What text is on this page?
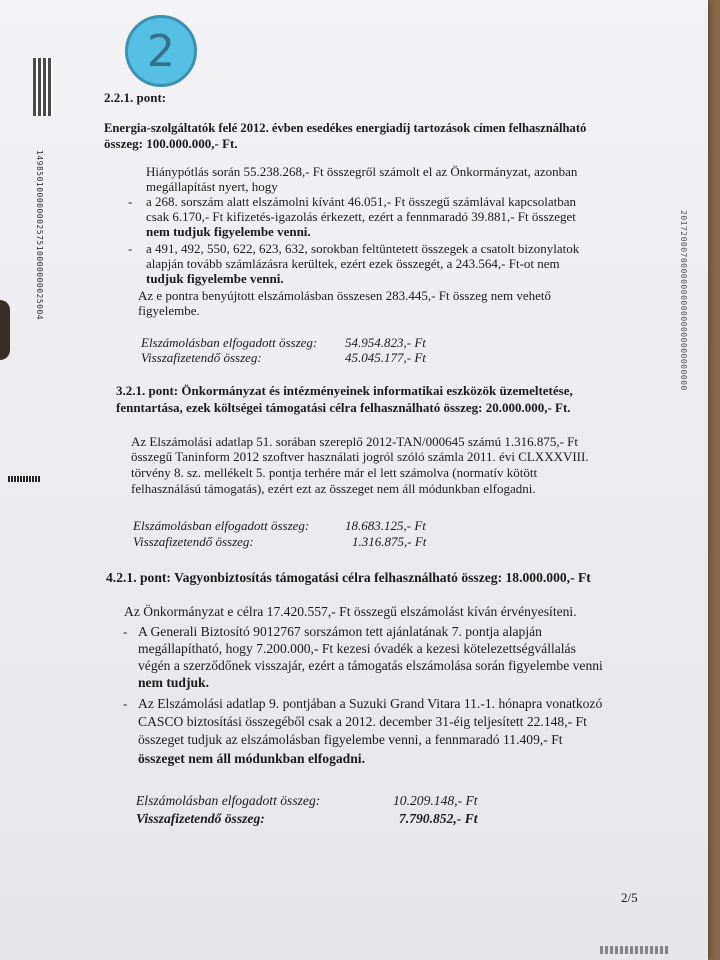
2
14985010000000257510000000025004	2017200070000000000000000000000000
2.2.1. pont:
Energia-szolgáltatók felé 2012. évben esedékes energiadíj tartozások címen felhasználható
összeg: 100.000.000,- Ft.
Hiánypótlás során 55.238.268,- Ft összegről számolt el az Önkormányzat, azonban
megállapítást nyert, hogy
- a 268. sorszám alatt elszámolni kívánt 46.051,- Ft összegű számlával kapcsolatban
csak 6.170,- Ft kifizetés-igazolás érkezett, ezért a fennmaradó 39.881,- Ft összeget
nem tudjuk figyelembe venni.
- a 491, 492, 550, 622, 623, 632, sorokban feltüntetett összegek a csatolt bizonylatok
alapján tovább számlázásra kerültek, ezért ezek összegét, a 243.564,- Ft-ot nem
tudjuk figyelembe venni.
Az e pontra benyújtott elszámolásban összesen 283.445,- Ft összeg nem vehető
figyelembe.
Elszámolásban elfogadott összeg: 54.954.823,- Ft
Visszafizetendő összeg:	45.045.177,- Ft
3.2.1. pont: Önkormányzat és intézményeinek informatikai eszközök üzemeltetése,
fenntartása, ezek költségei támogatási célra felhasználható összeg: 20.000.000,- Ft.
Az Elszámolási adatlap 51. sorában szereplő 2012-TAN/000645 számú 1.316.875,- Ft
összegű Taninform 2012 szoftver használati jogról szóló számla 2011. évi CLXXXVIII.
törvény 8. sz. mellékelt 5. pontja terhére már el lett számolva (normatív kötött
felhasználású támogatás), ezért ezt az összeget nem áll módunkban elfogadni.
Elszámolásban elfogadott összeg:	18.683.125,- Ft
Visszafizetendő összeg:	1.316.875,- Ft
4.2.1. pont: Vagyonbiztosítás támogatási célra felhasználható összeg: 18.000.000,- Ft
Az Önkormányzat e célra 17.420.557,- Ft összegű elszámolást kíván érvényesíteni.
- A Generali Biztosító 9012767 sorszámon tett ajánlatának 7. pontja alapján
megállapítható, hogy 7.200.000,- Ft kezesi óvadék a kezesi kötelezettségvállalás
végén a szerződőnek visszajár, ezért a támogatás elszámolása során figyelembe venni
nem tudjuk.
- Az Elszámolási adatlap 9. pontjában a Suzuki Grand Vitara 11.-1. hónapra vonatkozó
CASCO biztosítási összegéből csak a 2012. december 31-éig teljesített 22.148,- Ft
összeget tudjuk az elszámolásban figyelembe venni, a fennmaradó 11.409,- Ft
összeget nem áll módunkban elfogadni.
Elszámolásban elfogadott összeg:	10.209.148,- Ft
Visszafizetendő összeg:	7.790.852,- Ft
2/5
